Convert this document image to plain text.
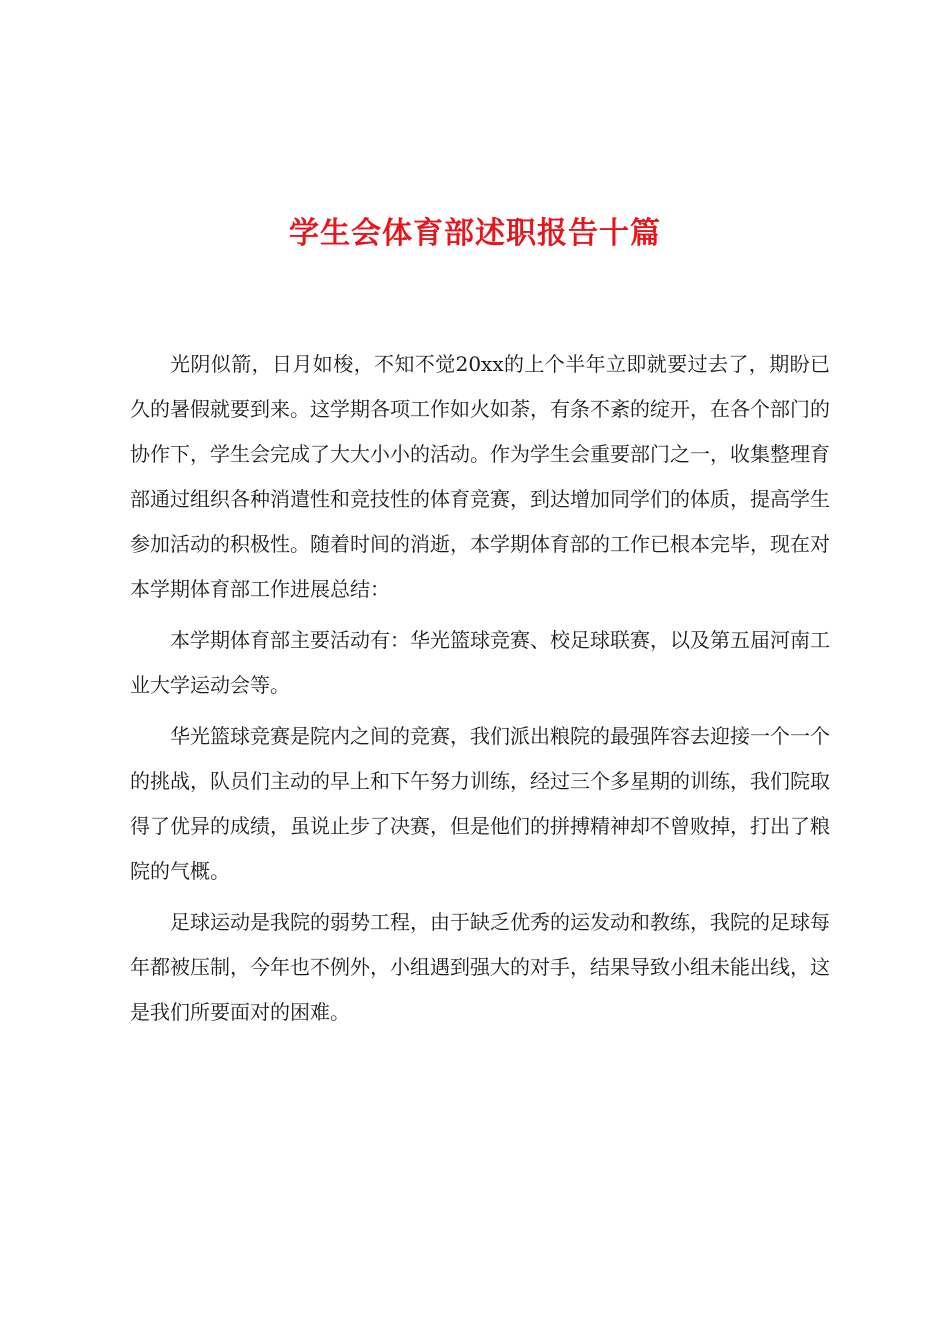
学生会体育部述职报告十篇

光阴似箭，日月如梭，不知不觉20xx的上个半年立即就要过去了，期盼已久的暑假就要到来。这学期各项工作如火如荼，有条不紊的绽开，在各个部门的协作下，学生会完成了大大小小的活动。作为学生会重要部门之一，收集整理育部通过组织各种消遣性和竞技性的体育竞赛，到达增加同学们的体质，提高学生参加活动的积极性。随着时间的消逝，本学期体育部的工作已根本完毕，现在对本学期体育部工作进展总结：

本学期体育部主要活动有：华光篮球竞赛、校足球联赛，以及第五届河南工业大学运动会等。

华光篮球竞赛是院内之间的竞赛，我们派出粮院的最强阵容去迎接一个一个的挑战，队员们主动的早上和下午努力训练，经过三个多星期的训练，我们院取得了优异的成绩，虽说止步了决赛，但是他们的拼搏精神却不曾败掉，打出了粮院的气概。

足球运动是我院的弱势工程，由于缺乏优秀的运发动和教练，我院的足球每年都被压制，今年也不例外，小组遇到强大的对手，结果导致小组未能出线，这是我们所要面对的困难。
